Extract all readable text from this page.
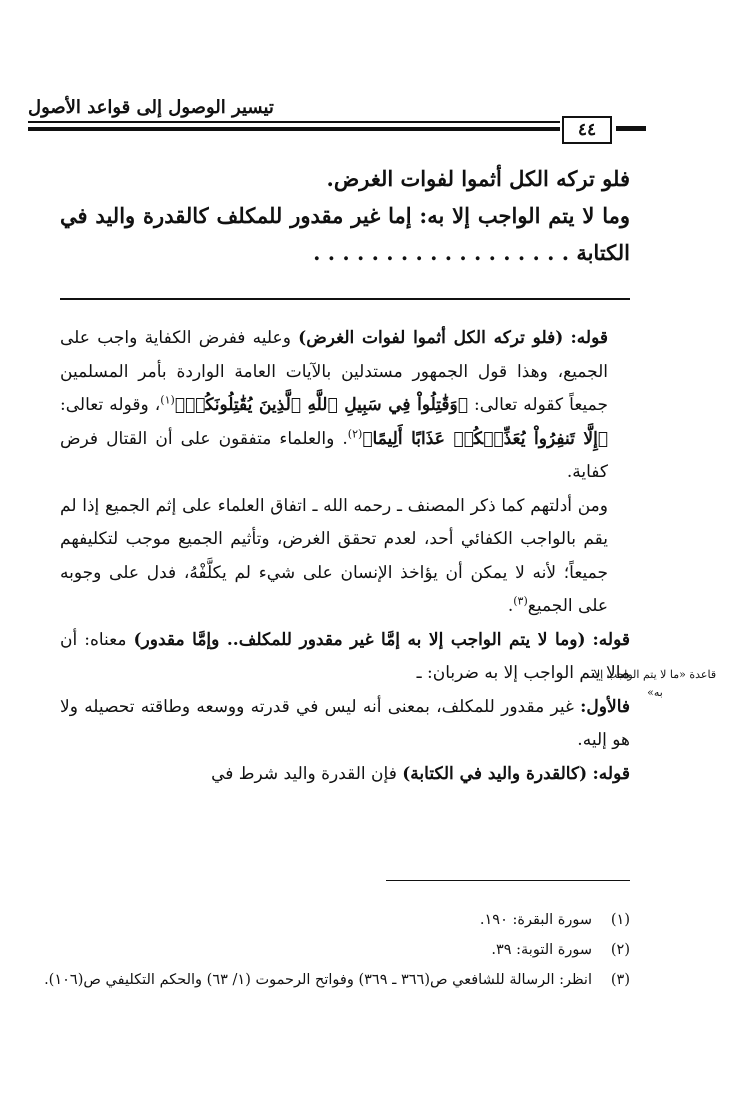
تيسير الوصول إلى قواعد الأصول
٤٤

فلو تركه الكل أثموا لفوات الغرض.

وما لا يتم الواجب إلا به: إما غير مقدور للمكلف كالقدرة واليد في الكتابة . . . . . . . . . . . . . . . . . .

قاعدة «ما لا يتم الواجب إلا به»

قوله: (فلو تركه الكل أثموا لفوات الغرض) وعليه ففرض الكفاية واجب على الجميع، وهذا قول الجمهور مستدلين بالآيات العامة الواردة بأمر المسلمين جميعاً كقوله تعالى: ﴿وَقَٰتِلُواْ فِي سَبِيلِ ٱللَّهِ ٱلَّذِينَ يُقَٰتِلُونَكُمۡ﴾$^{(١)}$، وقوله تعالى: ﴿إِلَّا تَنفِرُواْ يُعَذِّبۡكُمۡ عَذَابًا أَلِيمًا﴾$^{(٢)}$. والعلماء متفقون على أن القتال فرض كفاية.

ومن أدلتهم كما ذكر المصنف ـ رحمه الله ـ اتفاق العلماء على إثم الجميع إذا لم يقم بالواجب الكفائي أحد، لعدم تحقق الغرض، وتأثيم الجميع موجب لتكليفهم جميعاً؛ لأنه لا يمكن أن يؤاخذ الإنسان على شيء لم يكلَّفْهُ، فدل على وجوبه على الجميع$^{(٣)}$.

قوله: (وما لا يتم الواجب إلا به إمَّا غير مقدور للمكلف.. وإمَّا مقدور) معناه: أن مالا يتم الواجب إلا به ضربان: ـ

فالأول: غير مقدور للمكلف، بمعنى أنه ليس في قدرته ووسعه وطاقته تحصيله ولا هو إليه.

قوله: (كالقدرة واليد في الكتابة) فإن القدرة واليد شرط في

(١)
سورة البقرة: ١٩٠.
(٢)
سورة التوبة: ٣٩.
(٣)
انظر: الرسالة للشافعي ص(٣٦٦ ـ ٣٦٩) وفواتح الرحموت (١/ ٦٣) والحكم التكليفي ص(١٠٦).
